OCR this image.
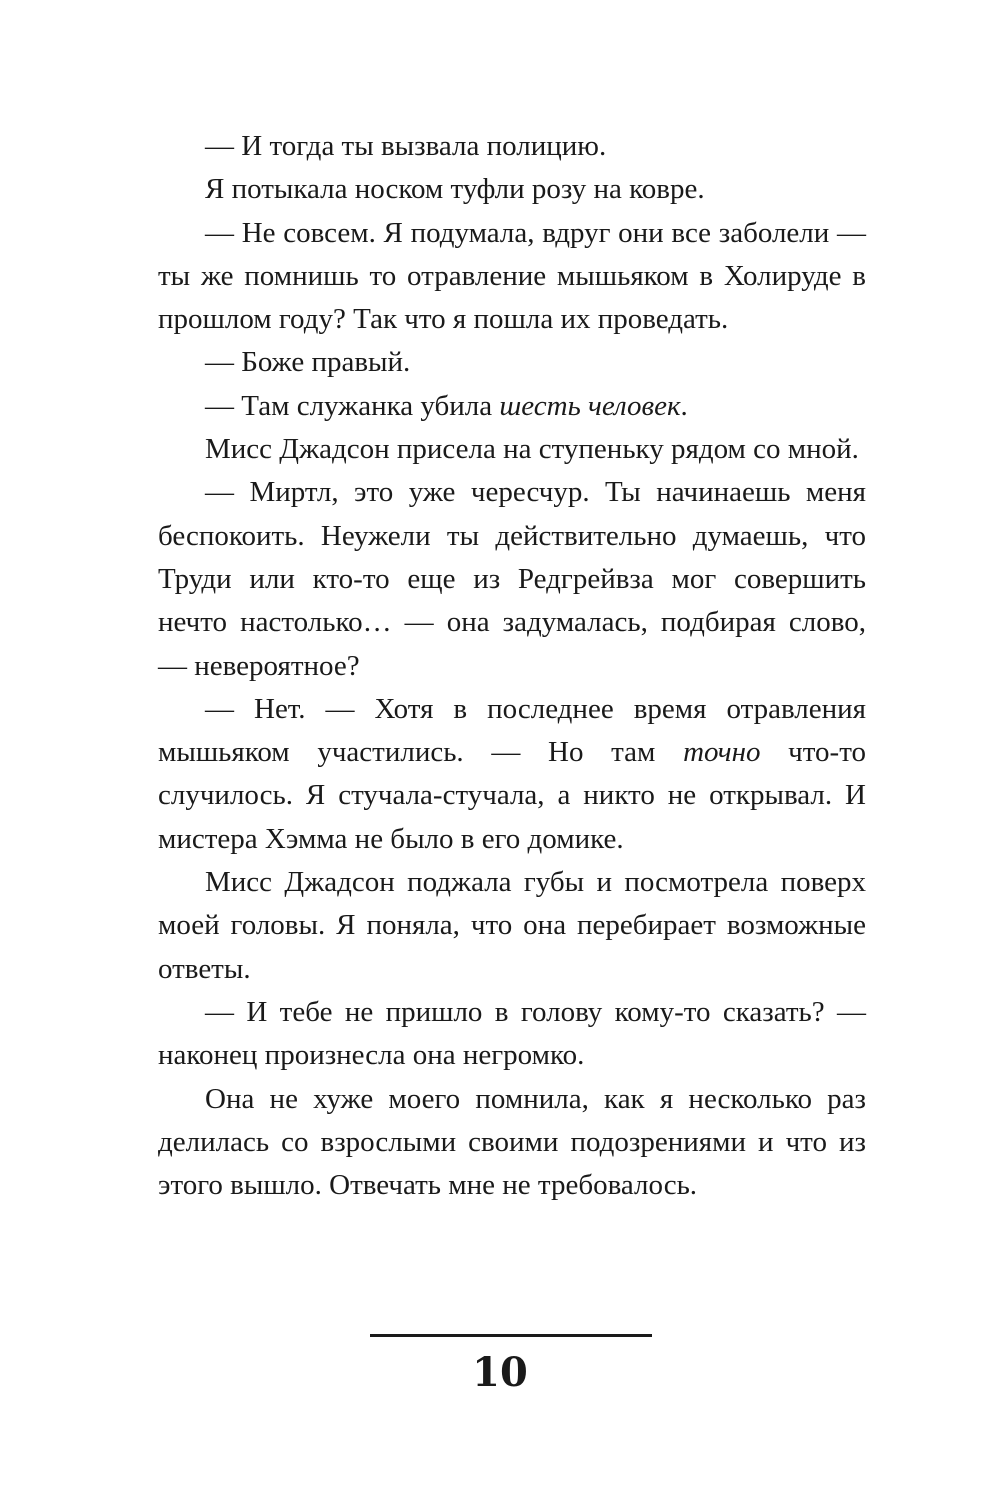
— И тогда ты вызвала полицию.

Я потыкала носком туфли розу на ковре.

— Не совсем. Я подумала, вдруг они все заболели — ты же помнишь то отравление мышьяком в Холируде в прошлом году? Так что я пошла их проведать.

— Боже правый.

— Там служанка убила шесть человек.

Мисс Джадсон присела на ступеньку рядом со мной.

— Миртл, это уже чересчур. Ты начинаешь меня беспокоить. Неужели ты действительно думаешь, что Труди или кто-то еще из Редгрейвза мог совершить нечто настолько… — она задумалась, подбирая слово, — невероятное?

— Нет. — Хотя в последнее время отравления мышьяком участились. — Но там точно что-то случилось. Я стучала-стучала, а никто не открывал. И мистера Хэмма не было в его домике.

Мисс Джадсон поджала губы и посмотрела поверх моей головы. Я поняла, что она перебирает возможные ответы.

— И тебе не пришло в голову кому-то сказать? — наконец произнесла она негромко.

Она не хуже моего помнила, как я несколько раз делилась со взрослыми своими подозрениями и что из этого вышло. Отвечать мне не требовалось.

10
